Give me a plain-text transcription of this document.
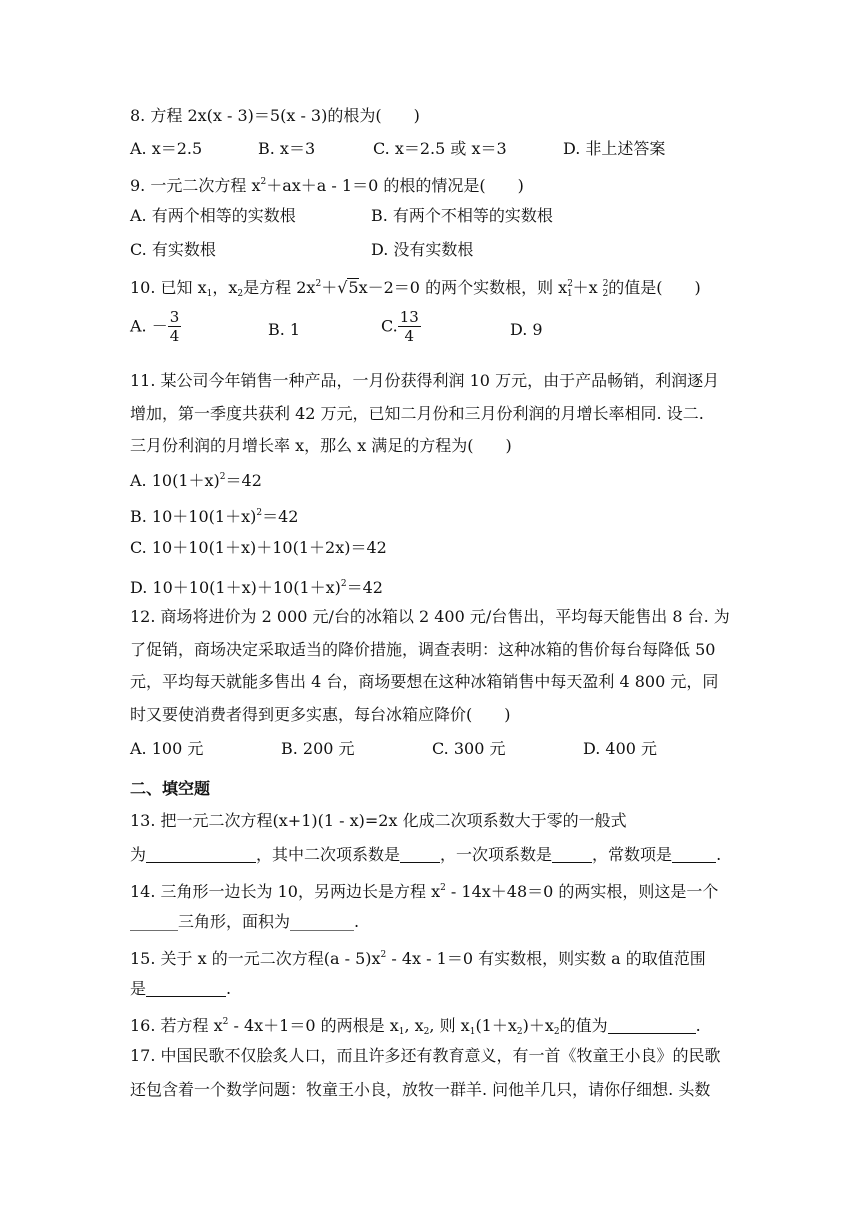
8. 方程 2x(x - 3)＝5(x - 3)的根为(　　)
A. x＝2.5	B. x＝3	C. x＝2.5 或 x＝3	D. 非上述答案
9. 一元二次方程 $x^2+ax+a - 1=0$ 的根的情况是(　　)
A. 有两个相等的实数根	B. 有两个不相等的实数根
C. 有实数根	D. 没有实数根
10. 已知 $x_1$，$x_2$是方程 $2x^2+√5x-2=0$ 的两个实数根，则 $x^2_1+x$ $^2_2$的值是(　　)
A. － $\frac{3}{4}$	B. 1	C. $\frac{13}{4}$	D. 9
11. 某公司今年销售一种产品，一月份获得利润 10 万元，由于产品畅销，利润逐月
增加，第一季度共获利 42 万元，已知二月份和三月份利润的月增长率相同. 设二.
三月份利润的月增长率 x，那么 x 满足的方程为(　　)
A. $10(1+x)^2=42$
B. $10+10(1+x)^2=42$
C. 10＋10(1＋x)＋10(1＋2x)＝42
D. $10+10(1+x)+10(1+x)^2=42$
12. 商场将进价为 2 000 元/台的冰箱以 2 400 元/台售出，平均每天能售出 8 台. 为
了促销，商场决定采取适当的降价措施，调查表明：这种冰箱的售价每台每降低 50
元，平均每天就能多售出 4 台，商场要想在这种冰箱销售中每天盈利 4 800 元，同
时又要使消费者得到更多实惠，每台冰箱应降价(　　)
A. 100 元	B. 200 元	C. 300 元	D. 400 元
二、填空题
13. 把一元二次方程(x+1)(1 - x)=2x 化成二次项系数大于零的一般式
为	，其中二次项系数是	，一次项系数是	，常数项是	.
14. 三角形一边长为 10，另两边长是方程 $x^2 - 14x+48=0$ 的两实根，则这是一个
______三角形，面积为________.
15. 关于 x 的一元二次方程$(a - 5)x^2 - 4x - 1=0$ 有实数根，则实数 a 的取值范围
是	.
16. 若方程 $x^2 - 4x+1=0$ 的两根是 $x_1$, $x_2$, 则 $x_1(1+x_2)+x_2$的值为	.
17. 中国民歌不仅脍炙人口，而且许多还有教育意义，有一首《牧童王小良》的民歌
还包含着一个数学问题：牧童王小良，放牧一群羊. 问他羊几只，请你仔细想. 头数
